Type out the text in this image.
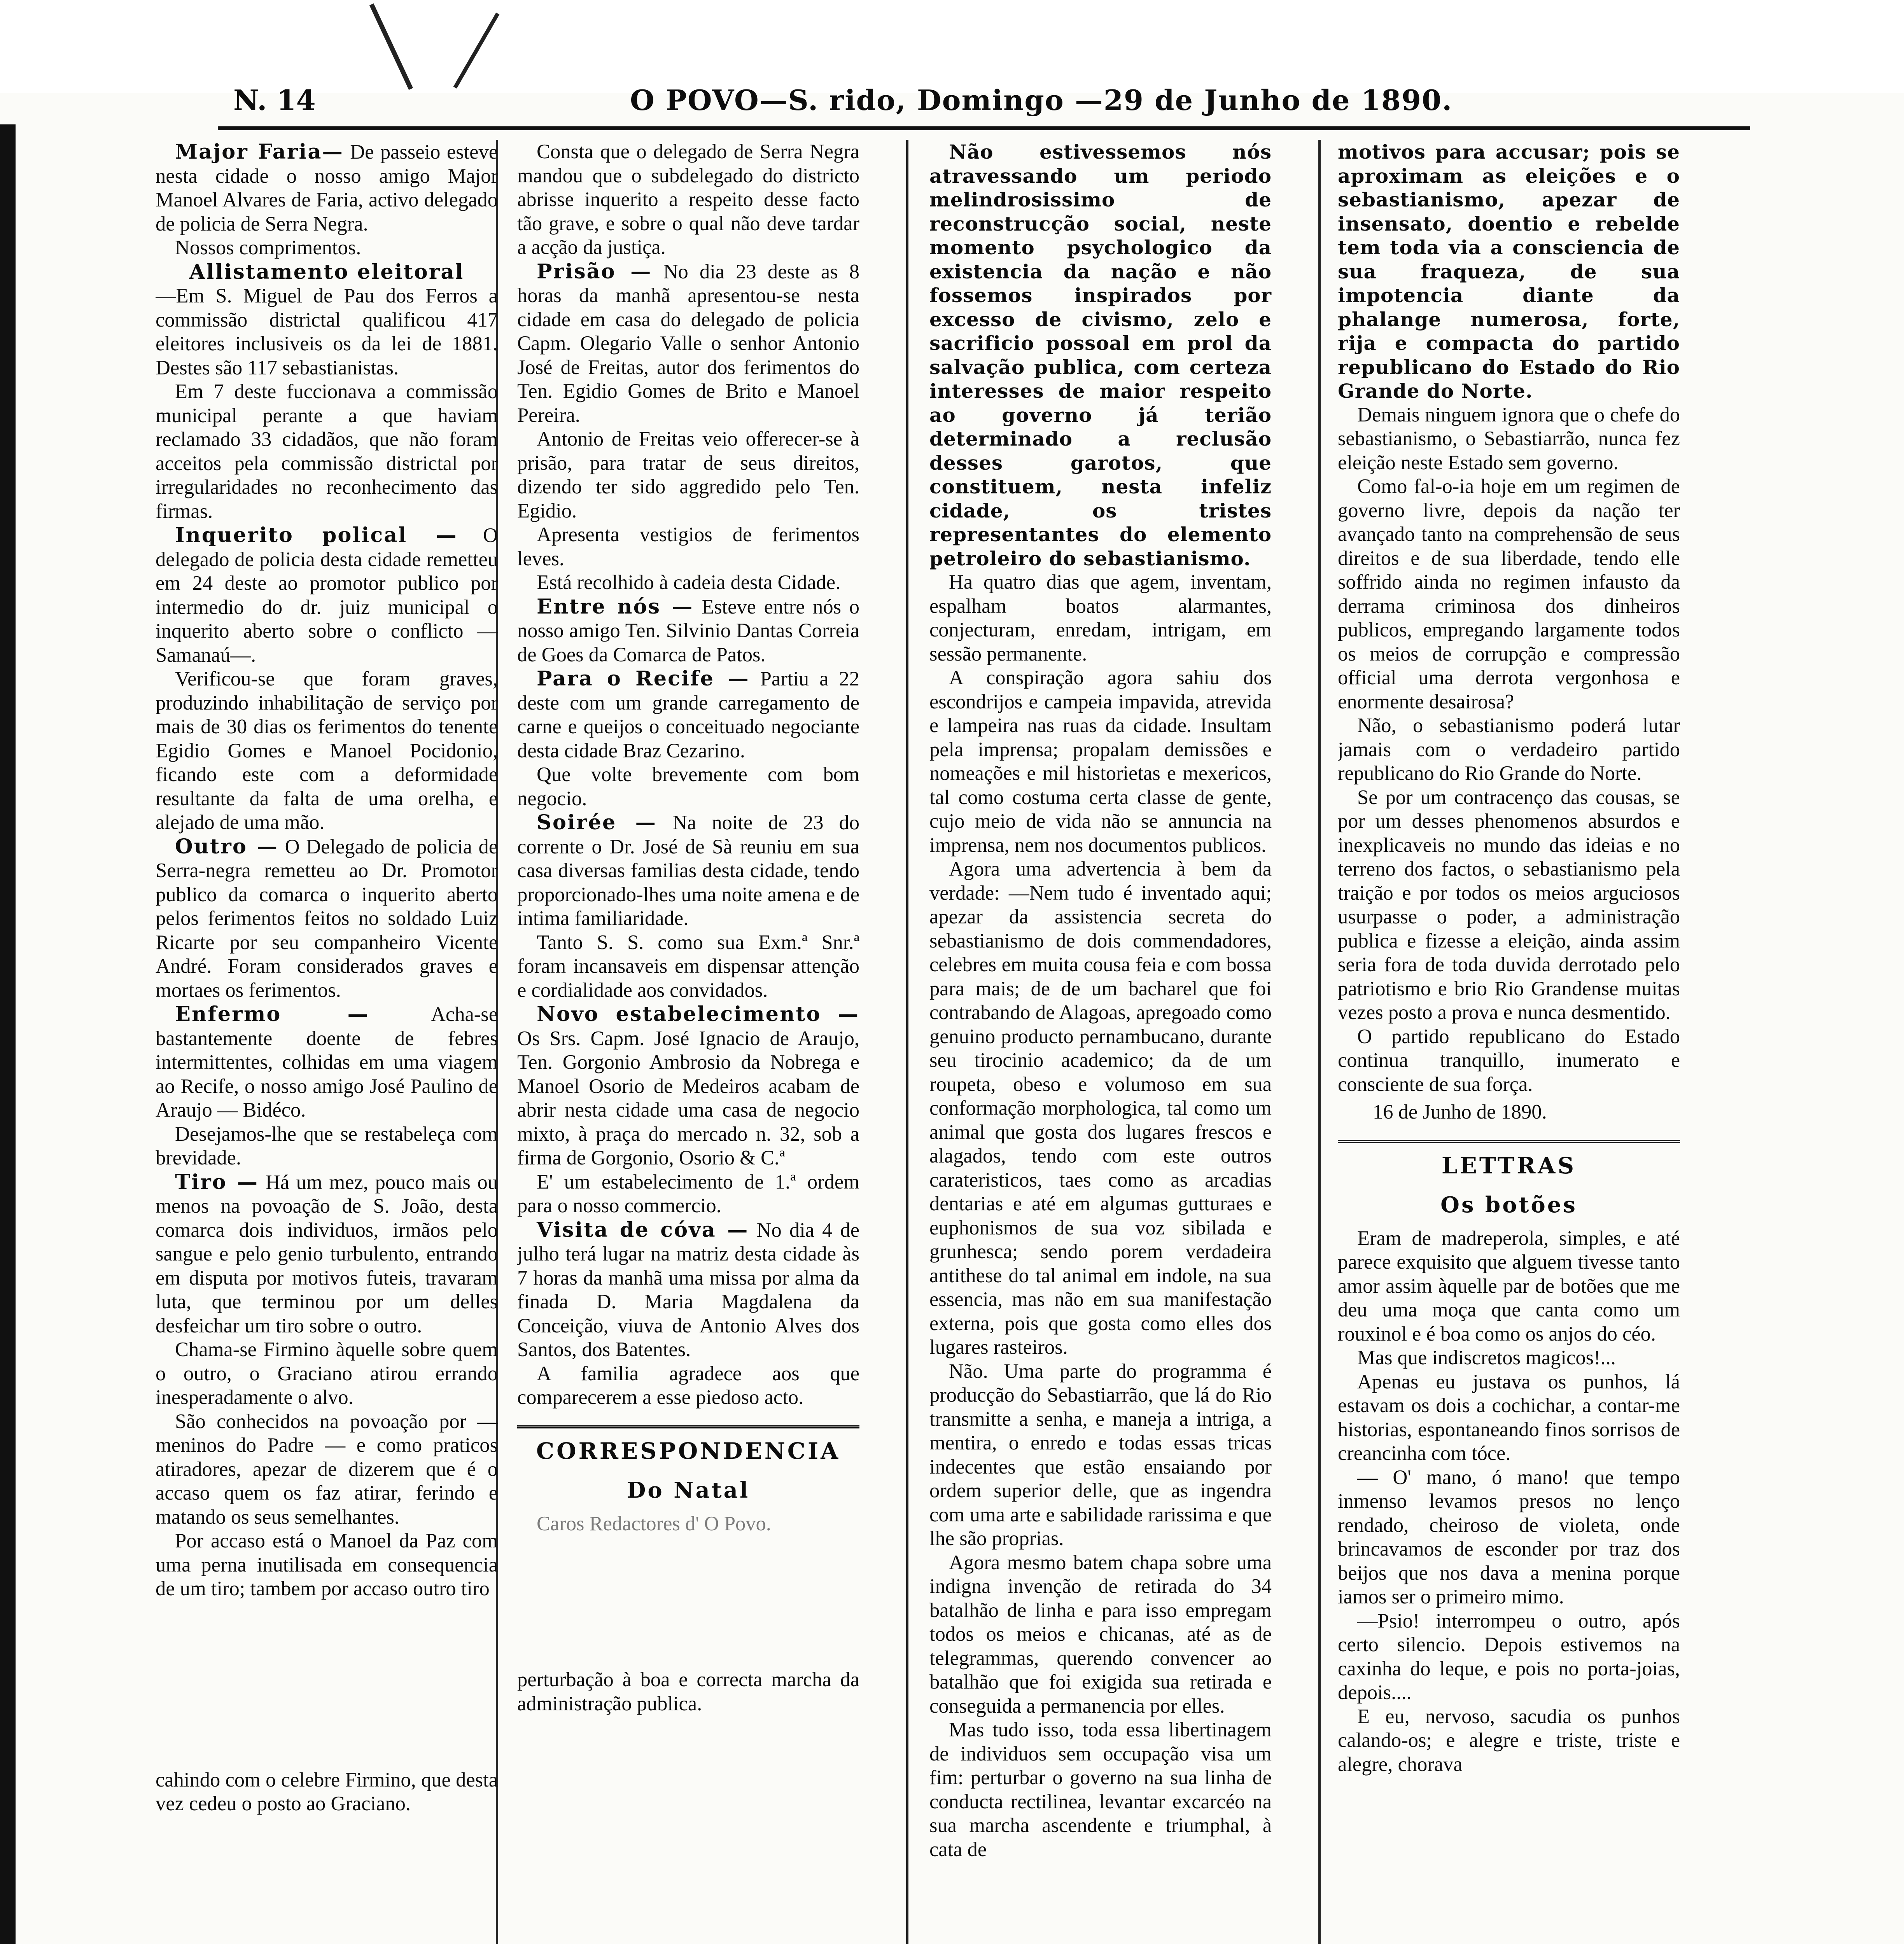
N. 14	O POVO—S. rido, Domingo —29 de Junho de 1890.

Major Faria— De passeio esteve nesta cidade o nosso amigo Major Manoel Alvares de Faria, activo delegado de policia de Serra Negra.

Nossos comprimentos.

Allistamento eleitoral

—Em S. Miguel de Pau dos Ferros a commissão districtal qualificou 417 eleitores inclusiveis os da lei de 1881. Destes são 117 sebastianistas.

Em 7 deste fuccionava a commissão municipal perante a que haviam reclamado 33 cidadãos, que não foram acceitos pela commissão districtal por irregularidades no reconhecimento das firmas.

Inquerito polical — O delegado de policia desta cidade remetteu em 24 deste ao promotor publico por intermedio do dr. juiz municipal o inquerito aberto sobre o conflicto —Samanaú—.

Verificou-se que foram graves, produzindo inhabilitação de serviço por mais de 30 dias os ferimentos do tenente Egidio Gomes e Manoel Pocidonio, ficando este com a deformidade resultante da falta de uma orelha, e alejado de uma mão.

Outro — O Delegado de policia de Serra-negra remetteu ao Dr. Promotor publico da comarca o inquerito aberto pelos ferimentos feitos no soldado Luiz Ricarte por seu companheiro Vicente André. Foram considerados graves e mortaes os ferimentos.

Enfermo —	Acha-se bastantemente doente de febres intermittentes, colhidas em uma viagem ao Recife, o nosso amigo José Paulino de Araujo — Bidéco.

Desejamos-lhe que se restabeleça com brevidade.

Tiro — Há um mez, pouco mais ou menos na povoação de S. João, desta comarca dois individuos, irmãos pelo sangue e pelo genio turbulento, entrando em disputa por motivos futeis, travaram luta, que terminou por um delles desfeichar um tiro sobre o outro.

Chama-se Firmino àquelle sobre quem o outro, o Graciano atirou errando inesperadamente o alvo.

São conhecidos na povoação por — meninos do Padre — e como praticos atiradores, apezar de dizerem que é o accaso quem os faz atirar, ferindo e matando os seus semelhantes.

Por accaso está o Manoel da Paz com uma perna inutilisada em consequencia de um tiro; tambem por accaso outro tiro

cahindo com o celebre Firmino, que desta vez cedeu o posto ao Graciano.

Consta que o delegado de Serra Negra mandou que o subdelegado do districto abrisse inquerito a respeito desse facto tão grave, e sobre o qual não deve tardar a acção da justiça.

Prisão — No dia 23 deste as 8 horas da manhã apresentou-se nesta cidade em casa do delegado de policia Capm. Olegario Valle o senhor Antonio José de Freitas, autor dos ferimentos do Ten. Egidio Gomes de Brito e Manoel Pereira.

Antonio de Freitas veio offerecer-se à prisão, para tratar de seus direitos, dizendo ter sido aggredido pelo Ten. Egidio.

Apresenta vestigios de ferimentos leves.

Está recolhido à cadeia desta Cidade.

Entre nós — Esteve entre nós o nosso amigo Ten. Silvinio Dantas Correia de Goes da Comarca de Patos.

Para o Recife — Partiu a 22 deste com um grande carregamento de carne e queijos o conceituado negociante desta cidade Braz Cezarino.

Que volte brevemente com bom negocio.

Soirée — Na noite de 23 do corrente o Dr. José de Sà reuniu em sua casa diversas familias desta cidade, tendo proporcionado-lhes uma noite amena e de intima familiaridade.

Tanto S. S. como sua Exm.ª Snr.ª foram incansaveis em dispensar attenção e cordialidade aos convidados.

Novo estabelecimento — Os Srs. Capm. José Ignacio de Araujo, Ten. Gorgonio Ambrosio da Nobrega e Manoel Osorio de Medeiros acabam de abrir nesta cidade uma casa de negocio mixto, à praça do mercado n. 32, sob a firma de Gorgonio, Osorio & C.ª

E' um estabelecimento de 1.ª ordem para o nosso commercio.

Visita de cóva — No dia 4 de julho terá lugar na matriz desta cidade às 7 horas da manhã uma missa por alma da finada D. Maria Magdalena da Conceição, viuva de Antonio Alves dos Santos, dos Batentes.

A familia agradece aos que comparecerem a esse piedoso acto.

CORRESPONDENCIA
Do Natal

Caros Redactores d' O Povo.

perturbação à boa e correcta marcha da administração publica.

Não estivessemos nós atravessando um periodo melindrosissimo de reconstrucção social, neste momento psychologico da existencia da nação e não fossemos inspirados por excesso de civismo, zelo e sacrificio possoal em prol da salvação publica, com certeza interesses de maior respeito ao governo já terião determinado a reclusão desses garotos, que constituem, nesta infeliz cidade, os tristes representantes do elemento petroleiro do sebastianismo.

Ha quatro dias que agem, inventam, espalham boatos alarmantes, conjecturam, enredam, intrigam, em sessão permanente.

A conspiração agora sahiu dos escondrijos e campeia impavida, atrevida e lampeira nas ruas da cidade. Insultam pela imprensa; propalam demissões e nomeações e mil historietas e mexericos, tal como costuma certa classe de gente, cujo meio de vida não se annuncia na imprensa, nem nos documentos publicos.

Agora uma advertencia à bem da verdade: —Nem tudo é inventado aqui; apezar da assistencia secreta do sebastianismo de dois commendadores, celebres em muita cousa feia e com bossa para mais; de de um bacharel que foi contrabando de Alagoas, apregoado como genuino producto pernambucano, durante seu tirocinio academico; da de um roupeta, obeso e volumoso em sua conformação morphologica, tal como um animal que gosta dos lugares frescos e alagados, tendo com este outros carateristicos, taes como as arcadias dentarias e até em algumas gutturaes e euphonismos de sua voz sibilada e grunhesca; sendo porem verdadeira antithese do tal animal em indole, na sua essencia, mas não em sua manifestação externa, pois que gosta como elles dos lugares rasteiros.

Não. Uma parte do programma é producção do Sebastiarrão, que lá do Rio transmitte a senha, e maneja a intriga, a mentira, o enredo e todas essas tricas indecentes que estão ensaiando por ordem superior delle, que as ingendra com uma arte e sabilidade rarissima e que lhe são proprias.

Agora mesmo batem chapa sobre uma indigna invenção de retirada do 34 batalhão de linha e para isso empregam todos os meios e chicanas, até as de telegrammas, querendo convencer ao batalhão que foi exigida sua retirada e conseguida a permanencia por elles.

Mas tudo isso, toda essa libertinagem de individuos sem occupação visa um fim: perturbar o governo na sua linha de conducta rectilinea, levantar excarcéo na sua marcha ascendente e triumphal, à cata de

motivos para accusar; pois se aproximam as eleições e o sebastianismo, apezar de insensato, doentio e rebelde tem toda via a consciencia de sua fraqueza, de sua impotencia diante da phalange numerosa, forte, rija e compacta do partido republicano do Estado do Rio Grande do Norte.

Demais ninguem ignora que o chefe do sebastianismo, o Sebastiarrão, nunca fez eleição neste Estado sem governo.

Como fal-o-ia hoje em um regimen de governo livre, depois da nação ter avançado tanto na comprehensão de seus direitos e de sua liberdade, tendo elle soffrido ainda no regimen infausto da derrama criminosa dos dinheiros publicos, empregando largamente todos os meios de corrupção e compressão official uma derrota vergonhosa e enormente desairosa?

Não, o sebastianismo poderá lutar jamais com o verdadeiro partido republicano do Rio Grande do Norte.

Se por um contracenço das cousas, se por um desses phenomenos absurdos e inexplicaveis no mundo das ideias e no terreno dos factos, o sebastianismo pela traição e por todos os meios arguciosos usurpasse o poder, a administração publica e fizesse a eleição, ainda assim seria fora de toda duvida derrotado pelo patriotismo e brio Rio Grandense muitas vezes posto a prova e nunca desmentido.

O partido republicano do Estado continua tranquillo, inumerato e consciente de sua força.

16 de Junho de 1890.

LETTRAS
Os botões

Eram de madreperola, simples, e até parece exquisito que alguem tivesse tanto amor assim àquelle par de botões que me deu uma moça que canta como um rouxinol e é boa como os anjos do céo.

Mas que indiscretos magicos!...

Apenas eu justava os punhos, lá estavam os dois a cochichar, a contar-me historias, espontaneando finos sorrisos de creancinha com tóce.

— O' mano, ó mano! que tempo inmenso levamos presos no lenço rendado, cheiroso de violeta, onde brincavamos de esconder por traz dos beijos que nos dava a menina porque iamos ser o primeiro mimo.

—Psio! interrompeu o outro, após certo silencio. Depois estivemos na caxinha do leque, e pois no porta-joias, depois....

E eu, nervoso, sacudia os punhos calando-os; e alegre e triste, triste e alegre, chorava
